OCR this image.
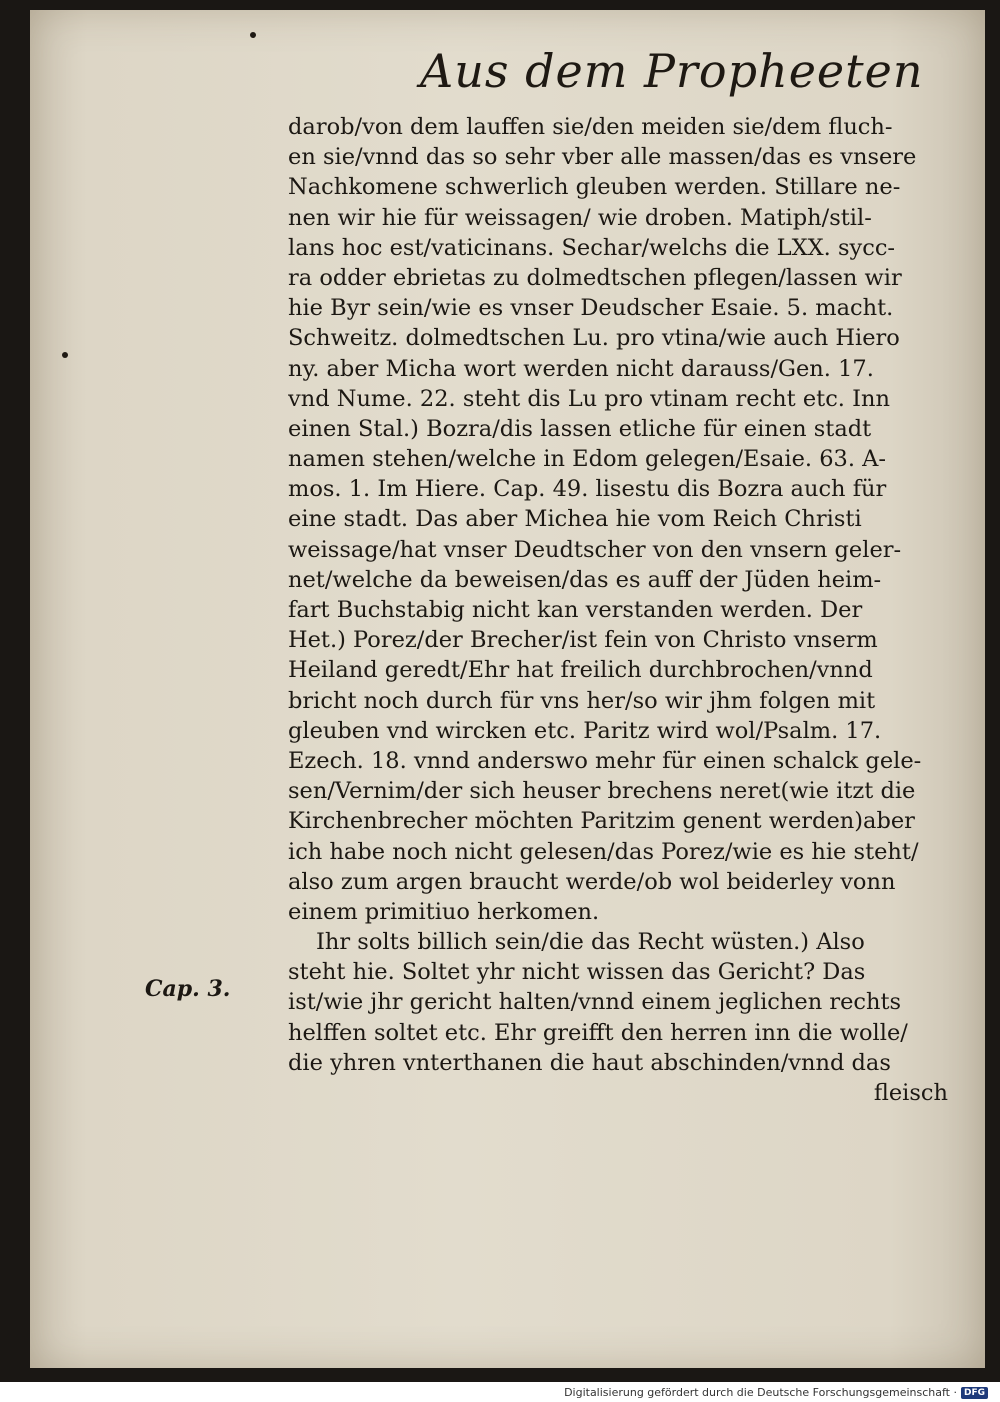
Aus dem Propheeten
Cap. 3.
darob/von dem lauffen sie/den meiden sie/dem fluch-
en sie/vnnd das so sehr vber alle massen/das es vnsere
Nachkomene schwerlich gleuben werden. Stillare ne-
nen wir hie für weissagen/ wie droben. Matiph/stil-
lans hoc est/vaticinans. Sechar/welchs die LXX. sycc-
ra odder ebrietas zu dolmedtschen pflegen/lassen wir
hie Byr sein/wie es vnser Deudscher Esaie. 5. macht.
Schweitz. dolmedtschen Lu. pro vtina/wie auch Hiero
ny. aber Micha wort werden nicht darauss/Gen. 17.
vnd Nume. 22. steht dis Lu pro vtinam recht etc. Inn
einen Stal.) Bozra/dis lassen etliche für einen stadt
namen stehen/welche in Edom gelegen/Esaie. 63. A-
mos. 1. Im Hiere. Cap. 49. lisestu dis Bozra auch für
eine stadt. Das aber Michea hie vom Reich Christi
weissage/hat vnser Deudtscher von den vnsern geler-
net/welche da beweisen/das es auff der Jüden heim-
fart Buchstabig nicht kan verstanden werden. Der
Het.) Porez/der Brecher/ist fein von Christo vnserm
Heiland geredt/Ehr hat freilich durchbrochen/vnnd
bricht noch durch für vns her/so wir jhm folgen mit
gleuben vnd wircken etc. Paritz wird wol/Psalm. 17.
Ezech. 18. vnnd anderswo mehr für einen schalck gele-
sen/Vernim/der sich heuser brechens neret(wie itzt die
Kirchenbrecher möchten Paritzim genent werden)aber
ich habe noch nicht gelesen/das Porez/wie es hie steht/
also zum argen braucht werde/ob wol beiderley vonn
einem primitiuo herkomen.
Ihr solts billich sein/die das Recht wüsten.) Also
steht hie. Soltet yhr nicht wissen das Gericht? Das
ist/wie jhr gericht halten/vnnd einem jeglichen rechts
helffen soltet etc. Ehr greifft den herren inn die wolle/
die yhren vnterthanen die haut abschinden/vnnd das
fleisch
Digitalisierung gefördert durch die Deutsche Forschungsgemeinschaft · DFG
